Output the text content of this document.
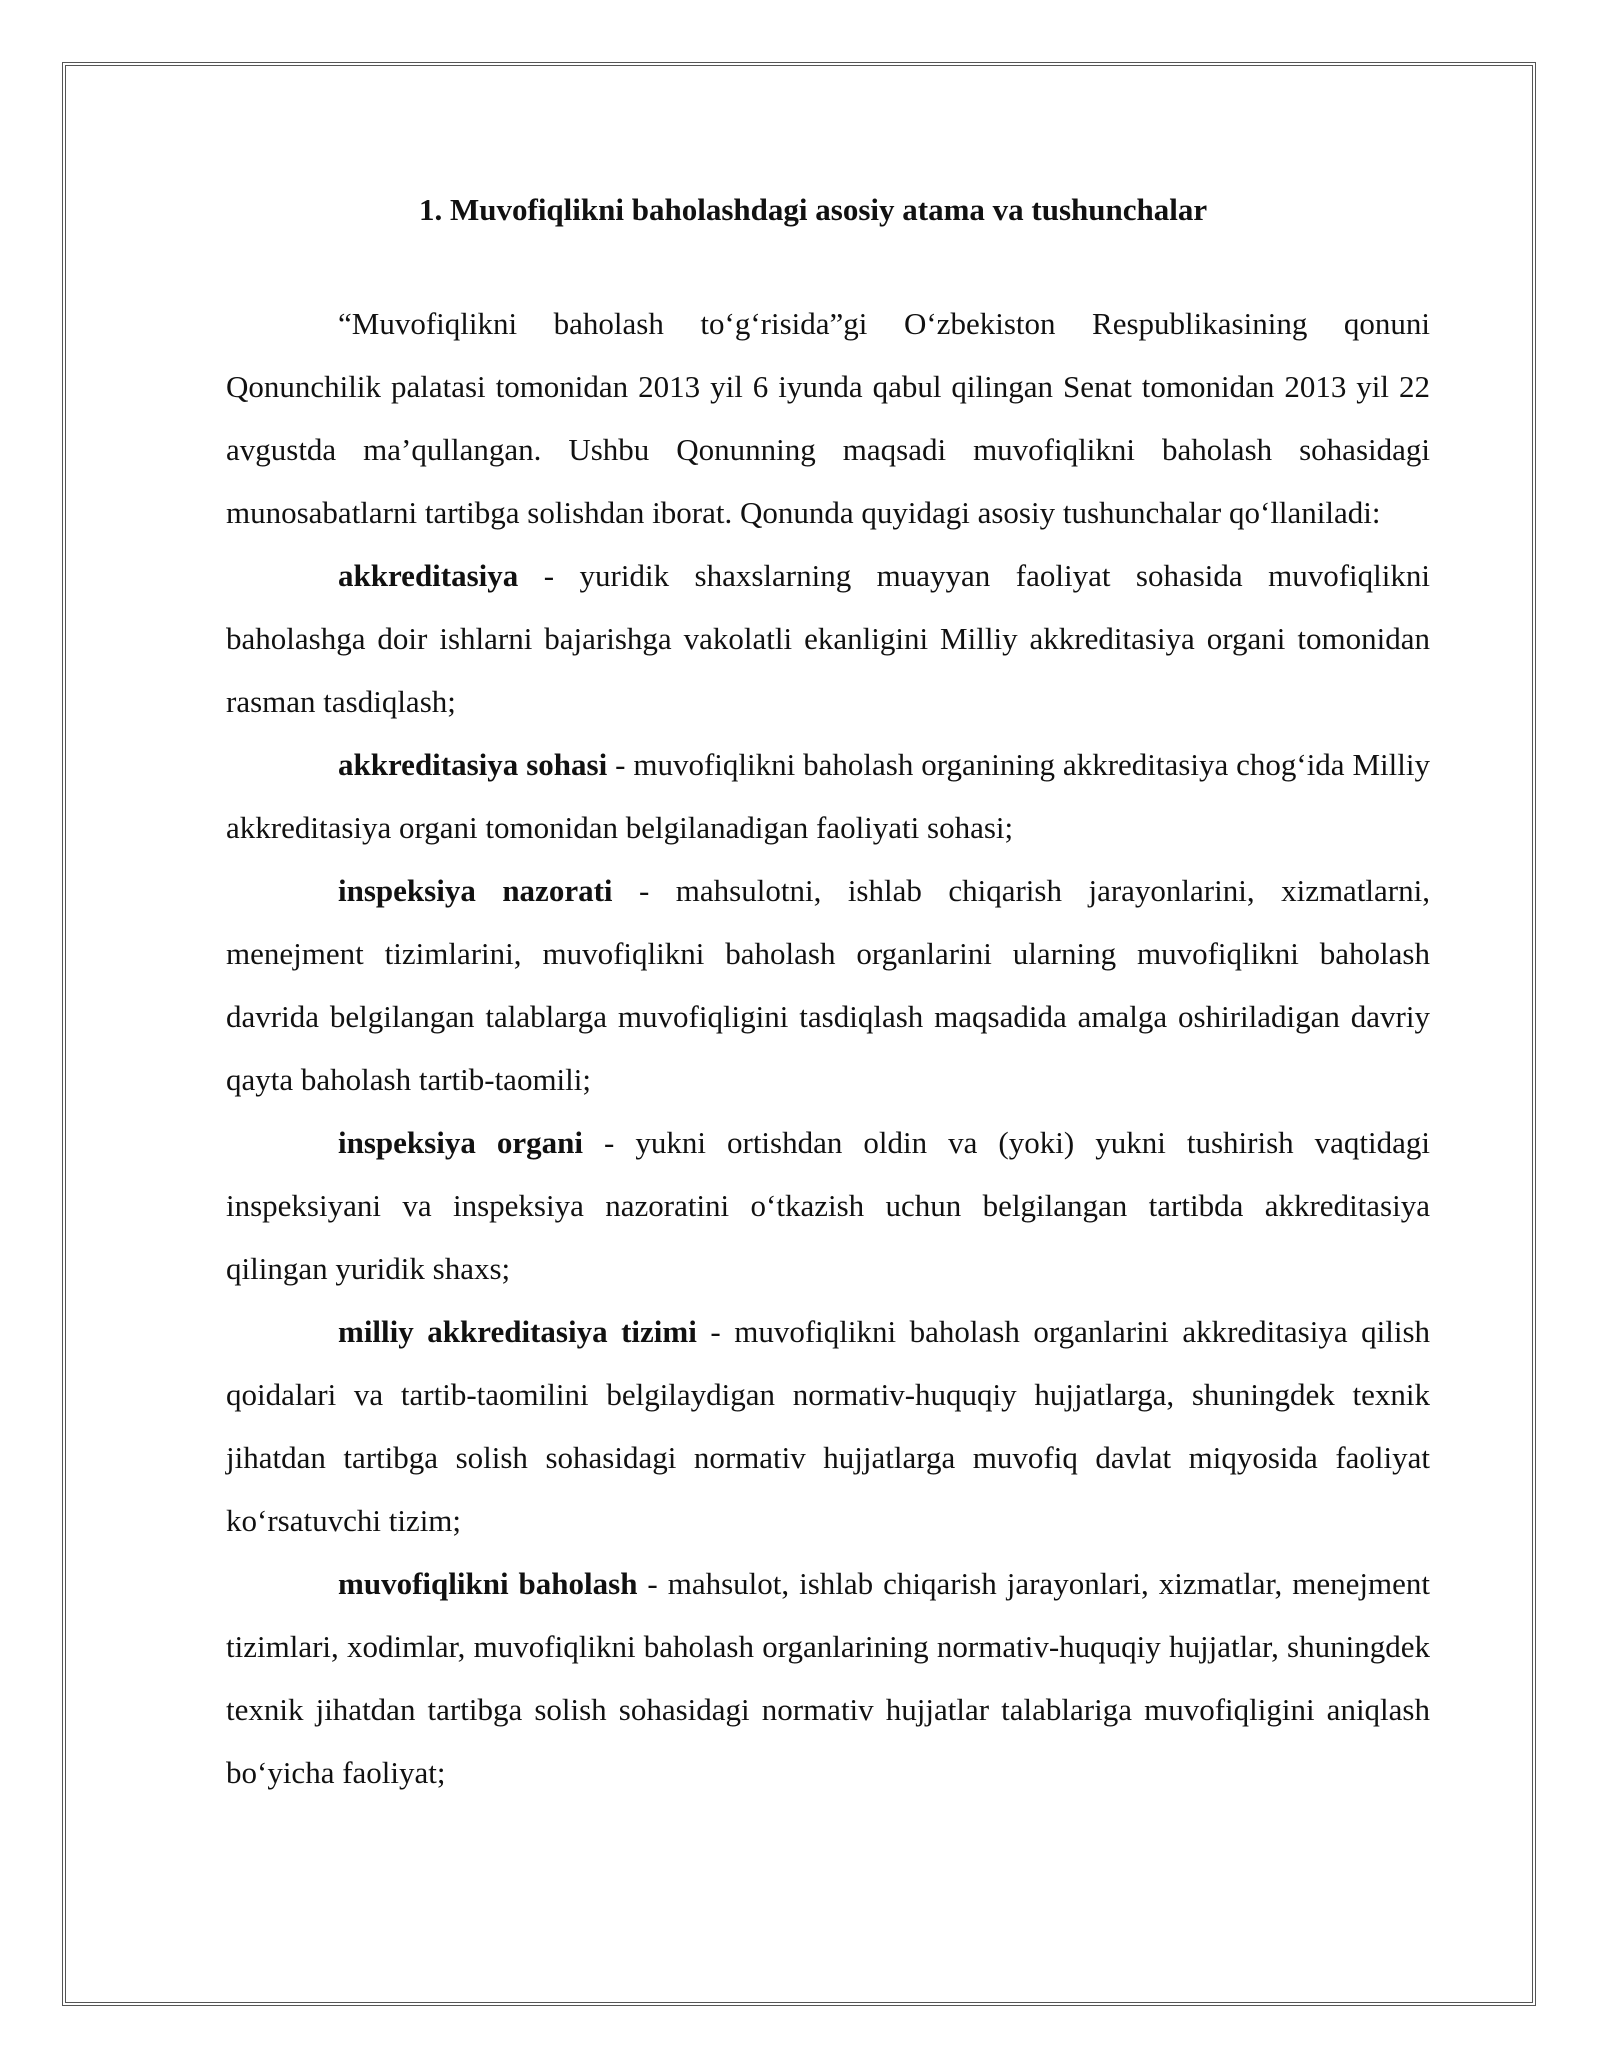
1. Muvofiqlikni baholashdagi asosiy atama va tushunchalar

“Muvofiqlikni baholash to‘g‘risida”gi O‘zbekiston Respublikasining qonuni Qonunchilik palatasi tomonidan 2013 yil 6 iyunda qabul qilingan Senat tomonidan 2013 yil 22 avgustda ma’qullangan. Ushbu Qonunning maqsadi muvofiqlikni baholash sohasidagi munosabatlarni tartibga solishdan iborat. Qonunda quyidagi asosiy tushunchalar qo‘llaniladi:

akkreditasiya - yuridik shaxslarning muayyan faoliyat sohasida muvofiqlikni baholashga doir ishlarni bajarishga vakolatli ekanligini Milliy akkreditasiya organi tomonidan rasman tasdiqlash;

akkreditasiya sohasi - muvofiqlikni baholash organining akkreditasiya chog‘ida Milliy akkreditasiya organi tomonidan belgilanadigan faoliyati sohasi;

inspeksiya nazorati - mahsulotni, ishlab chiqarish jarayonlarini, xizmatlarni, menejment tizimlarini, muvofiqlikni baholash organlarini ularning muvofiqlikni baholash davrida belgilangan talablarga muvofiqligini tasdiqlash maqsadida amalga oshiriladigan davriy qayta baholash tartib-taomili;

inspeksiya organi - yukni ortishdan oldin va (yoki) yukni tushirish vaqtidagi inspeksiyani va inspeksiya nazoratini o‘tkazish uchun belgilangan tartibda akkreditasiya qilingan yuridik shaxs;

milliy akkreditasiya tizimi - muvofiqlikni baholash organlarini akkreditasiya qilish qoidalari va tartib-taomilini belgilaydigan normativ-huquqiy hujjatlarga, shuningdek texnik jihatdan tartibga solish sohasidagi normativ hujjatlarga muvofiq davlat miqyosida faoliyat ko‘rsatuvchi tizim;

muvofiqlikni baholash - mahsulot, ishlab chiqarish jarayonlari, xizmatlar, menejment tizimlari, xodimlar, muvofiqlikni baholash organlarining normativ-huquqiy hujjatlar, shuningdek texnik jihatdan tartibga solish sohasidagi normativ hujjatlar talablariga muvofiqligini aniqlash bo‘yicha faoliyat;
